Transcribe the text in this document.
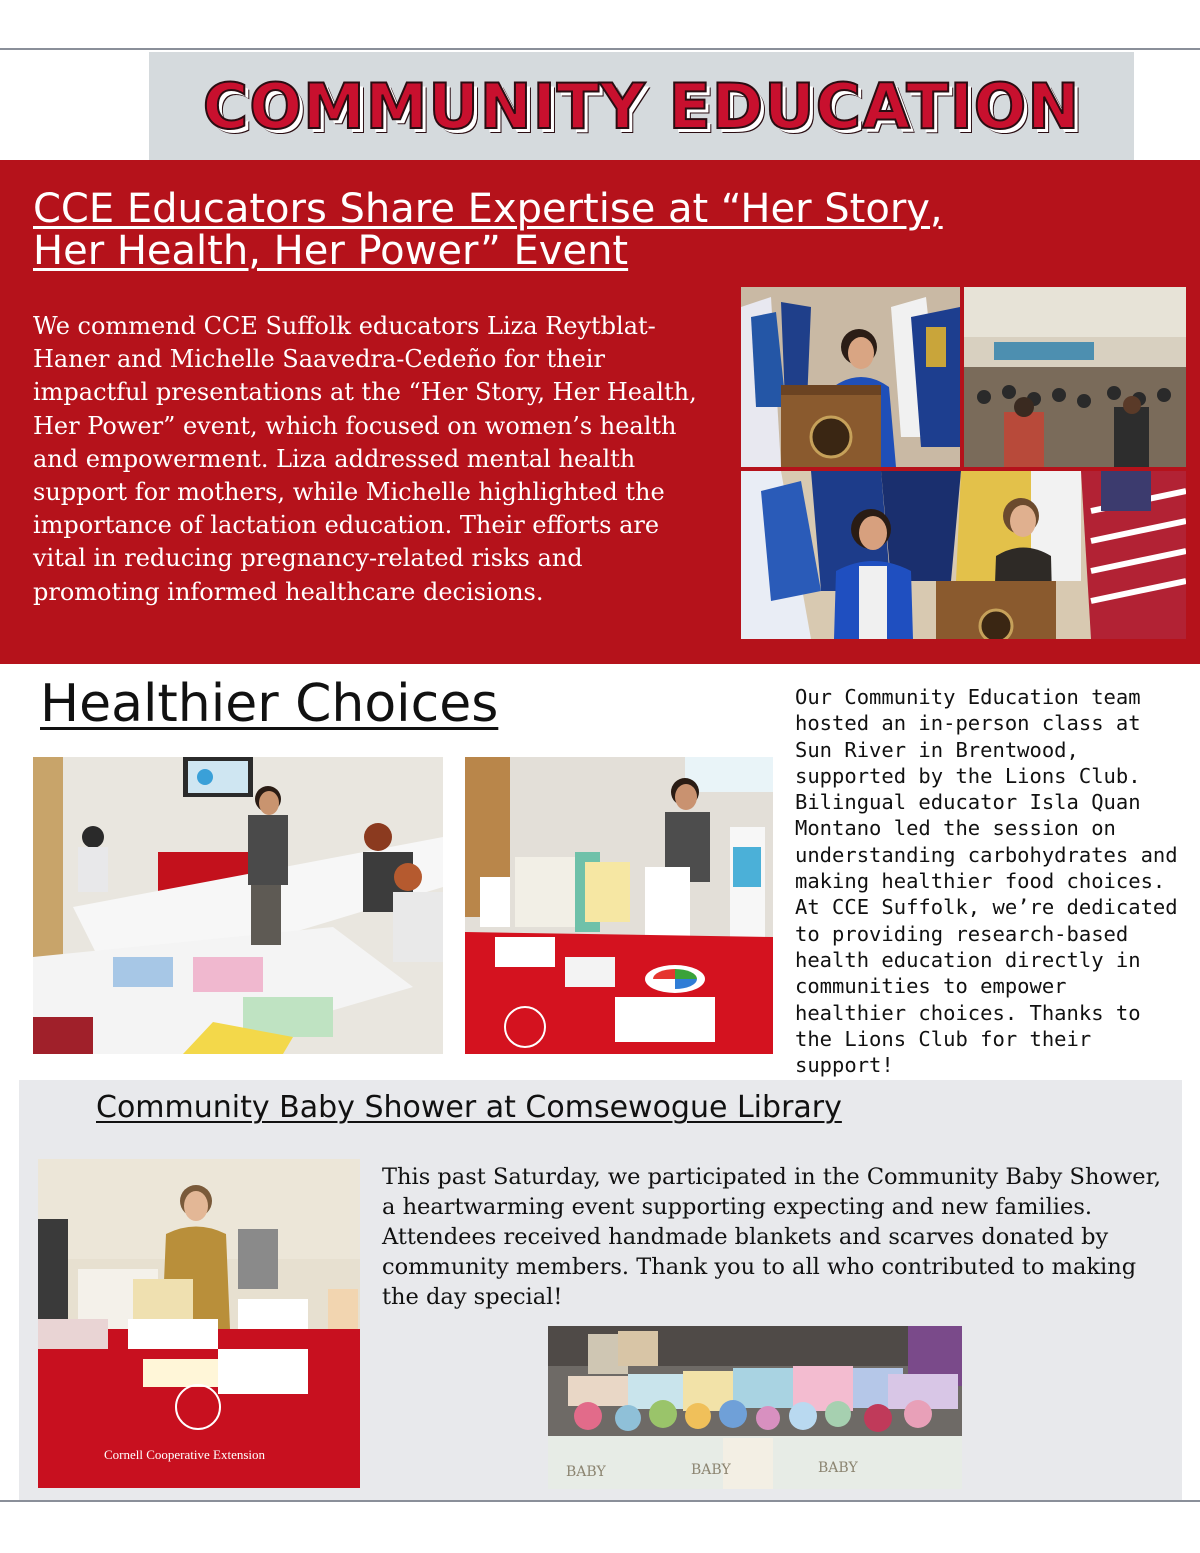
COMMUNITY EDUCATION
CCE Educators Share Expertise at “Her Story,
Her Health, Her Power” Event
We commend CCE Suffolk educators Liza Reytblat-Haner and Michelle Saavedra-Cedeño for their impactful presentations at the “Her Story, Her Health, Her Power” event, which focused on women’s health and empowerment. Liza addressed mental health support for mothers, while Michelle highlighted the importance of lactation education. Their efforts are vital in reducing pregnancy-related risks and promoting informed healthcare decisions.
Healthier Choices	Our Community Education team hosted an in-person class at Sun River in Brentwood, supported by the Lions Club. Bilingual educator Isla Quan Montano led the session on understanding carbohydrates and making healthier food choices. At CCE Suffolk, we’re dedicated to providing research-based health education directly in communities to empower healthier choices. Thanks to the Lions Club for their support!
Community Baby Shower at Comsewogue Library
Cornell Cooperative Extension
This past Saturday, we participated in the Community Baby Shower, a heartwarming event supporting expecting and new families. Attendees received handmade blankets and scarves donated by community members. Thank you to all who contributed to making the day special!
BABY	BABY	BABY
